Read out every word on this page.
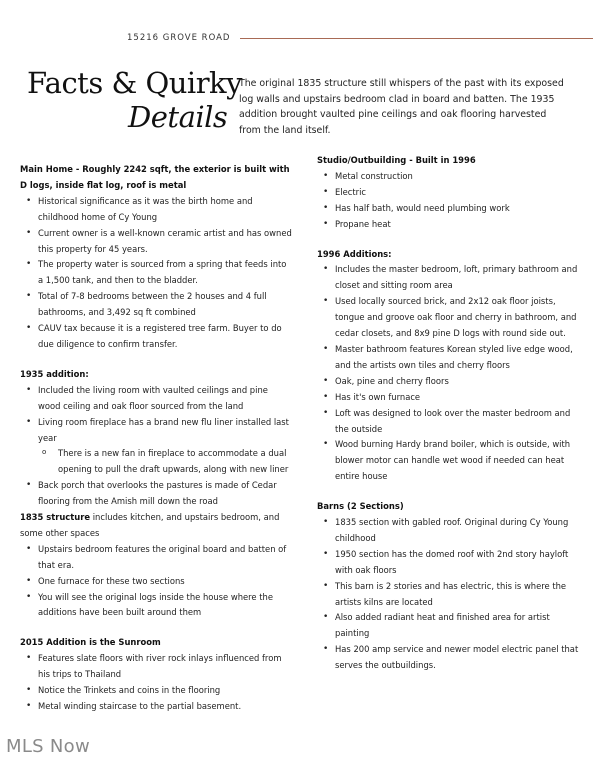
15216 GROVE ROAD
Facts & Quirky
Details

The original 1835 structure still whispers of the past with its exposed log walls and upstairs bedroom clad in board and batten. The 1935 addition brought vaulted pine ceilings and oak flooring harvested from the land itself.

Main Home - Roughly 2242 sqft, the exterior is built with D logs, inside flat log, roof is metal
• Historical significance as it was the birth home and childhood home of Cy Young
• Current owner is a well-known ceramic artist and has owned this property for 45 years.
• The property water is sourced from a spring that feeds into a 1,500 tank, and then to the bladder.
• Total of 7-8 bedrooms between the 2 houses and 4 full bathrooms, and 3,492 sq ft combined
• CAUV tax because it is a registered tree farm. Buyer to do due diligence to confirm transfer.
1935 addition:
• Included the living room with vaulted ceilings and pine wood ceiling and oak floor sourced from the land
• Living room fireplace has a brand new flu liner installed last year
o There is a new fan in fireplace to accommodate a dual opening to pull the draft upwards, along with new liner
• Back porch that overlooks the pastures is made of Cedar flooring from the Amish mill down the road
1835 structure includes kitchen, and upstairs bedroom, and some other spaces
• Upstairs bedroom features the original board and batten of that era.
• One furnace for these two sections
• You will see the original logs inside the house where the additions have been built around them
2015 Addition is the Sunroom
• Features slate floors with river rock inlays influenced from his trips to Thailand
• Notice the Trinkets and coins in the flooring
• Metal winding staircase to the partial basement.
Studio/Outbuilding - Built in 1996
• Metal construction
• Electric
• Has half bath, would need plumbing work
• Propane heat
1996 Additions:
• Includes the master bedroom, loft, primary bathroom and closet and sitting room area
• Used locally sourced brick, and 2x12 oak floor joists, tongue and groove oak floor and cherry in bathroom, and cedar closets, and 8x9 pine D logs with round side out.
• Master bathroom features Korean styled live edge wood, and the artists own tiles and cherry floors
• Oak, pine and cherry floors
• Has it's own furnace
• Loft was designed to look over the master bedroom and the outside
• Wood burning Hardy brand boiler, which is outside, with blower motor can handle wet wood if needed can heat entire house
Barns (2 Sections)
• 1835 section with gabled roof. Original during Cy Young childhood
• 1950 section has the domed roof with 2nd story hayloft with oak floors
• This barn is 2 stories and has electric, this is where the artists kilns are located
• Also added radiant heat and finished area for artist painting
• Has 200 amp service and newer model electric panel that serves the outbuildings.
MLS Now
